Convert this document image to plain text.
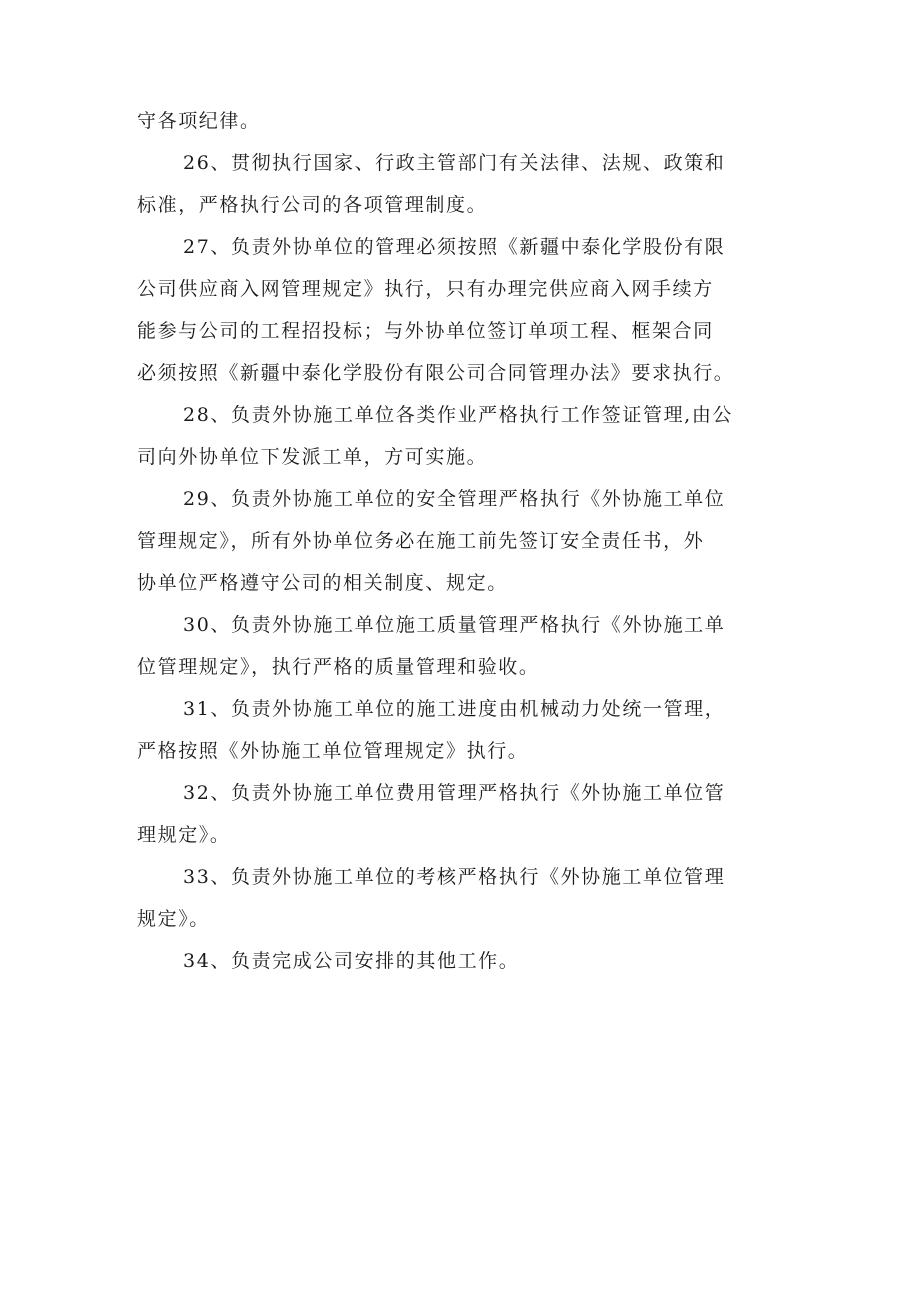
守各项纪律。
26、贯彻执行国家、行政主管部门有关法律、法规、政策和
标准，严格执行公司的各项管理制度。
27、负责外协单位的管理必须按照《新疆中泰化学股份有限
公司供应商入网管理规定》执行，只有办理完供应商入网手续方
能参与公司的工程招投标；与外协单位签订单项工程、框架合同
必须按照《新疆中泰化学股份有限公司合同管理办法》要求执行。
28、负责外协施工单位各类作业严格执行工作签证管理,由公
司向外协单位下发派工单，方可实施。
29、负责外协施工单位的安全管理严格执行《外协施工单位
管理规定》，所有外协单位务必在施工前先签订安全责任书，外
协单位严格遵守公司的相关制度、规定。
30、负责外协施工单位施工质量管理严格执行《外协施工单
位管理规定》，执行严格的质量管理和验收。
31、负责外协施工单位的施工进度由机械动力处统一管理，
严格按照《外协施工单位管理规定》执行。
32、负责外协施工单位费用管理严格执行《外协施工单位管
理规定》。
33、负责外协施工单位的考核严格执行《外协施工单位管理
规定》。
34、负责完成公司安排的其他工作。
